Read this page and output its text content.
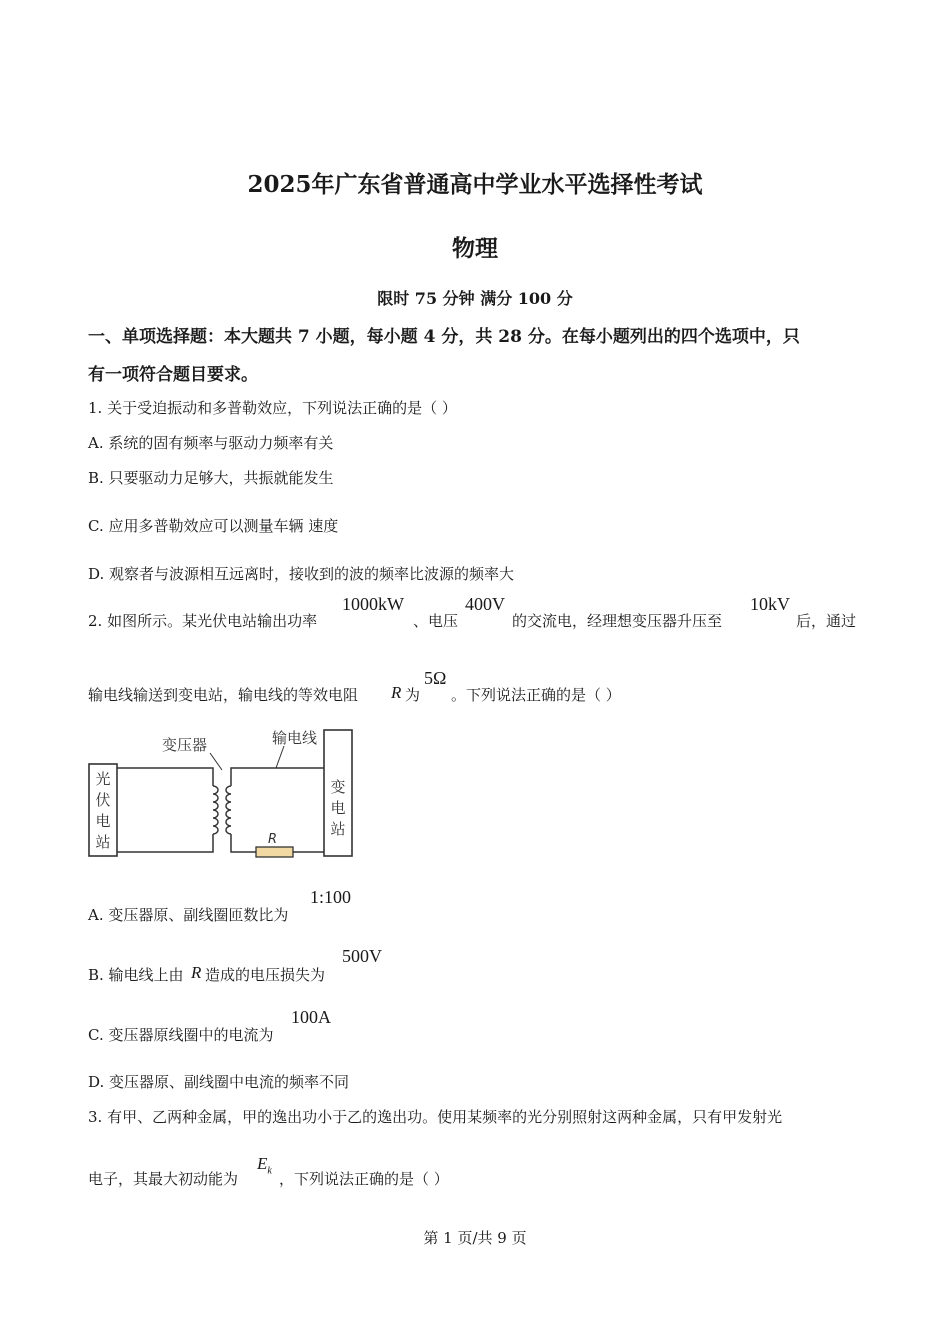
2025年广东省普通高中学业水平选择性考试
物理
限时 75 分钟 满分 100 分
一、单项选择题：本大题共 7 小题，每小题 4 分，共 28 分。在每小题列出的四个选项中，只
有一项符合题目要求。
1. 关于受迫振动和多普勒效应，下列说法正确的是（ ）
A. 系统的固有频率与驱动力频率有关
B. 只要驱动力足够大，共振就能发生
C. 应用多普勒效应可以测量车辆 速度
D. 观察者与波源相互远离时，接收到的波的频率比波源的频率大
2. 如图所示。某光伏电站输出功率
1000kW
、电压
400V
的交流电，经理想变压器升压至
10kV
后，通过
输电线输送到变电站，输电线的等效电阻 R 为
5Ω
。下列说法正确的是（ ）
光
伏
电
站
变
电
站
R
变压器	输电线
A. 变压器原、副线圈匝数比为
1:100
B. 输电线上由 R 造成的电压损失为
500V
C. 变压器原线圈中的电流为
100A
D. 变压器原、副线圈中电流的频率不同
3. 有甲、乙两种金属，甲的逸出功小于乙的逸出功。使用某频率的光分别照射这两种金属，只有甲发射光
电子，其最大初动能为
$E_k$ ，下列说法正确的是（ ）
第 1 页/共 9 页
